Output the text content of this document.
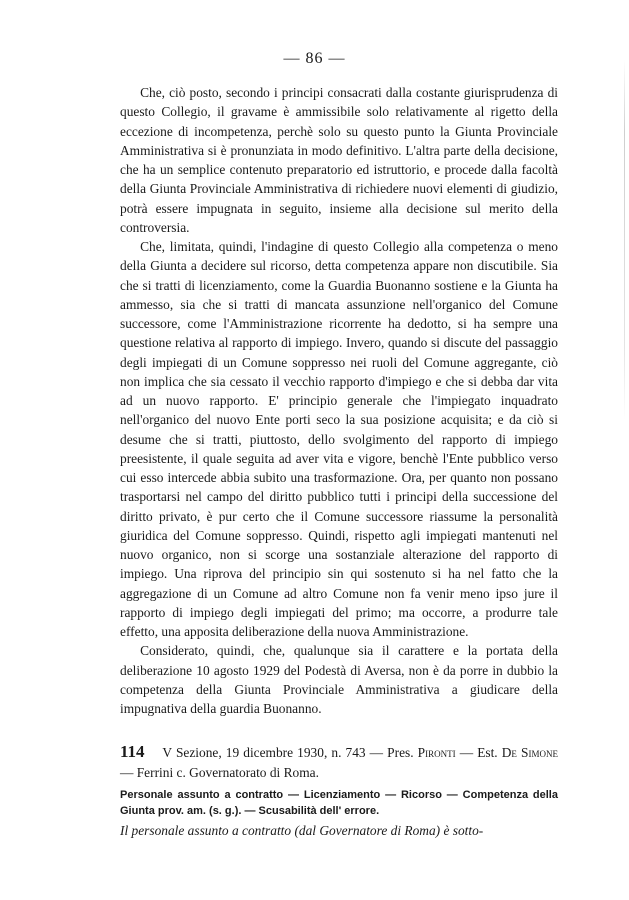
— 86 —

Che, ciò posto, secondo i principi consacrati dalla costante giurisprudenza di questo Collegio, il gravame è ammissibile solo relativamente al rigetto della eccezione di incompetenza, perchè solo su questo punto la Giunta Provinciale Amministrativa si è pronunziata in modo definitivo. L'altra parte della decisione, che ha un semplice contenuto preparatorio ed istruttorio, e procede dalla facoltà della Giunta Provinciale Amministrativa di richiedere nuovi elementi di giudizio, potrà essere impugnata in seguito, insieme alla decisione sul merito della controversia.

Che, limitata, quindi, l'indagine di questo Collegio alla competenza o meno della Giunta a decidere sul ricorso, detta competenza appare non discutibile. Sia che si tratti di licenziamento, come la Guardia Buonanno sostiene e la Giunta ha ammesso, sia che si tratti di mancata assunzione nell'organico del Comune successore, come l'Amministrazione ricorrente ha dedotto, si ha sempre una questione relativa al rapporto di impiego. Invero, quando si discute del passaggio degli impiegati di un Comune soppresso nei ruoli del Comune aggregante, ciò non implica che sia cessato il vecchio rapporto d'impiego e che si debba dar vita ad un nuovo rapporto. E' principio generale che l'impiegato inquadrato nell'organico del nuovo Ente porti seco la sua posizione acquisita; e da ciò si desume che si tratti, piuttosto, dello svolgimento del rapporto di impiego preesistente, il quale seguita ad aver vita e vigore, benchè l'Ente pubblico verso cui esso intercede abbia subito una trasformazione. Ora, per quanto non possano trasportarsi nel campo del diritto pubblico tutti i principi della successione del diritto privato, è pur certo che il Comune successore riassume la personalità giuridica del Comune soppresso. Quindi, rispetto agli impiegati mantenuti nel nuovo organico, non si scorge una sostanziale alterazione del rapporto di impiego. Una riprova del principio sin qui sostenuto si ha nel fatto che la aggregazione di un Comune ad altro Comune non fa venir meno ipso jure il rapporto di impiego degli impiegati del primo; ma occorre, a produrre tale effetto, una apposita deliberazione della nuova Amministrazione.

Considerato, quindi, che, qualunque sia il carattere e la portata della deliberazione 10 agosto 1929 del Podestà di Aversa, non è da porre in dubbio la competenza della Giunta Provinciale Amministrativa a giudicare della impugnativa della guardia Buonanno.

114 V Sezione, 19 dicembre 1930, n. 743 — Pres. Pironti — Est. De Simone — Ferrini c. Governatorato di Roma.
Personale assunto a contratto — Licenziamento — Ricorso — Competenza della Giunta prov. am. (s. g.). — Scusabilità dell' errore.
Il personale assunto a contratto (dal Governatore di Roma) è sotto-
